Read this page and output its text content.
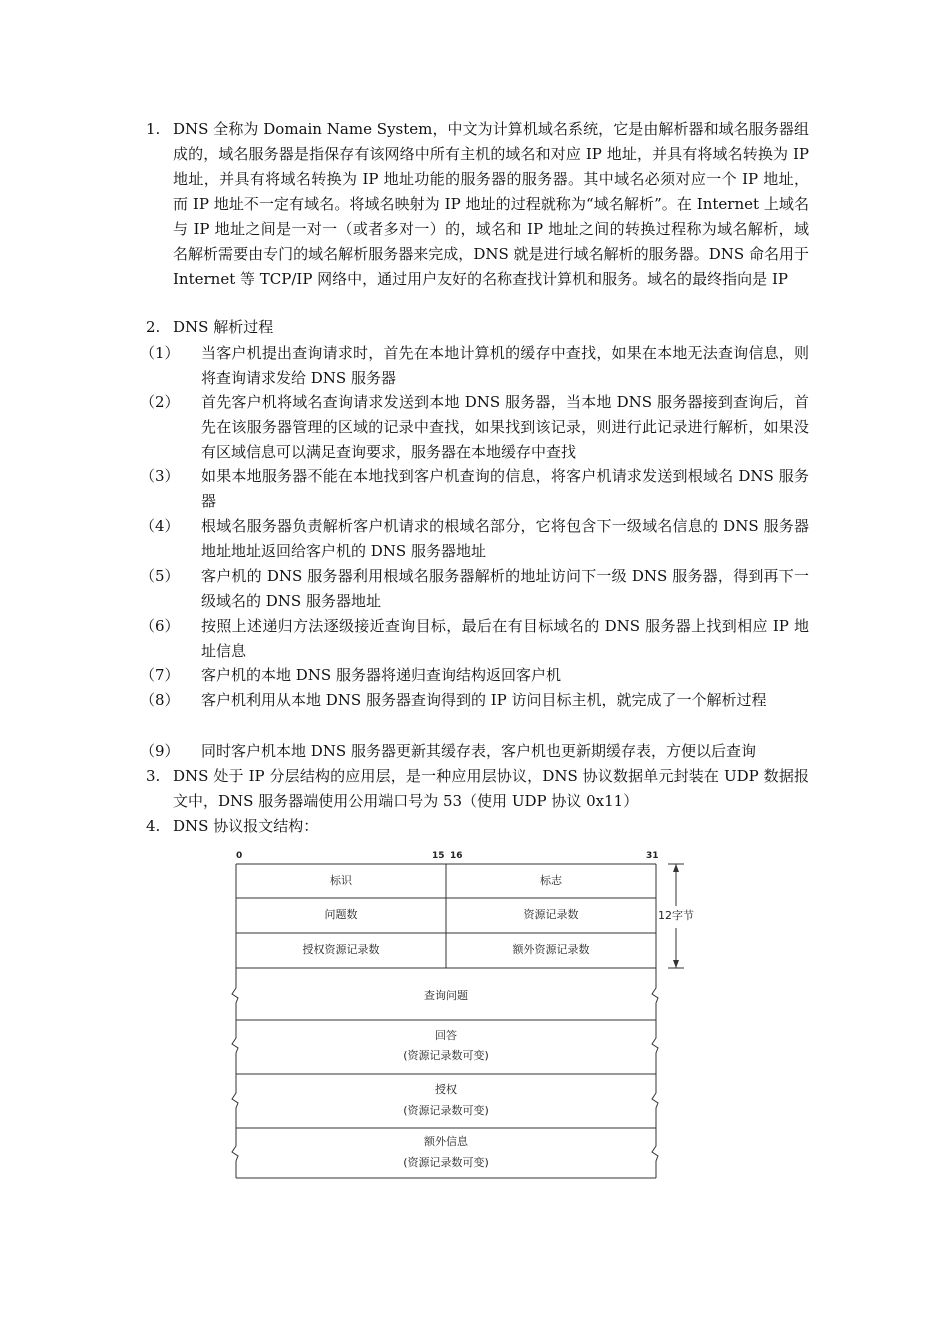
1. DNS 全称为 Domain Name System，中文为计算机域名系统，它是由解析器和域名服务器组成的，域名服务器是指保存有该网络中所有主机的域名和对应 IP 地址，并具有将域名转换为 IP 地址，并具有将域名转换为 IP 地址功能的服务器的服务器。其中域名必须对应一个 IP 地址，而 IP 地址不一定有域名。将域名映射为 IP 地址的过程就称为“域名解析”。在 Internet 上域名与 IP 地址之间是一对一（或者多对一）的，域名和 IP 地址之间的转换过程称为域名解析，域名解析需要由专门的域名解析服务器来完成，DNS 就是进行域名解析的服务器。DNS 命名用于 Internet 等 TCP/IP 网络中，通过用户友好的名称查找计算机和服务。域名的最终指向是 IP
2. DNS 解析过程
（1） 当客户机提出查询请求时，首先在本地计算机的缓存中查找，如果在本地无法查询信息，则将查询请求发给 DNS 服务器
（2） 首先客户机将域名查询请求发送到本地 DNS 服务器，当本地 DNS 服务器接到查询后，首先在该服务器管理的区域的记录中查找，如果找到该记录，则进行此记录进行解析，如果没有区域信息可以满足查询要求，服务器在本地缓存中查找
（3） 如果本地服务器不能在本地找到客户机查询的信息，将客户机请求发送到根域名 DNS 服务器
（4） 根域名服务器负责解析客户机请求的根域名部分，它将包含下一级域名信息的 DNS 服务器地址地址返回给客户机的 DNS 服务器地址
（5） 客户机的 DNS 服务器利用根域名服务器解析的地址访问下一级 DNS 服务器，得到再下一级域名的 DNS 服务器地址
（6） 按照上述递归方法逐级接近查询目标，最后在有目标域名的 DNS 服务器上找到相应 IP 地址信息
（7） 客户机的本地 DNS 服务器将递归查询结构返回客户机
（8） 客户机利用从本地 DNS 服务器查询得到的 IP 访问目标主机，就完成了一个解析过程
（9） 同时客户机本地 DNS 服务器更新其缓存表，客户机也更新期缓存表，方便以后查询
3. DNS 处于 IP 分层结构的应用层，是一种应用层协议，DNS 协议数据单元封装在 UDP 数据报文中，DNS 服务器端使用公用端口号为 53（使用 UDP 协议 0x11）
4. DNS 协议报文结构：
0	15 16	31
标识	标志
问题数	资源记录数
授权资源记录数	额外资源记录数
12字节
查询问题
回答
(资源记录数可变)
授权
(资源记录数可变)
额外信息
(资源记录数可变)
